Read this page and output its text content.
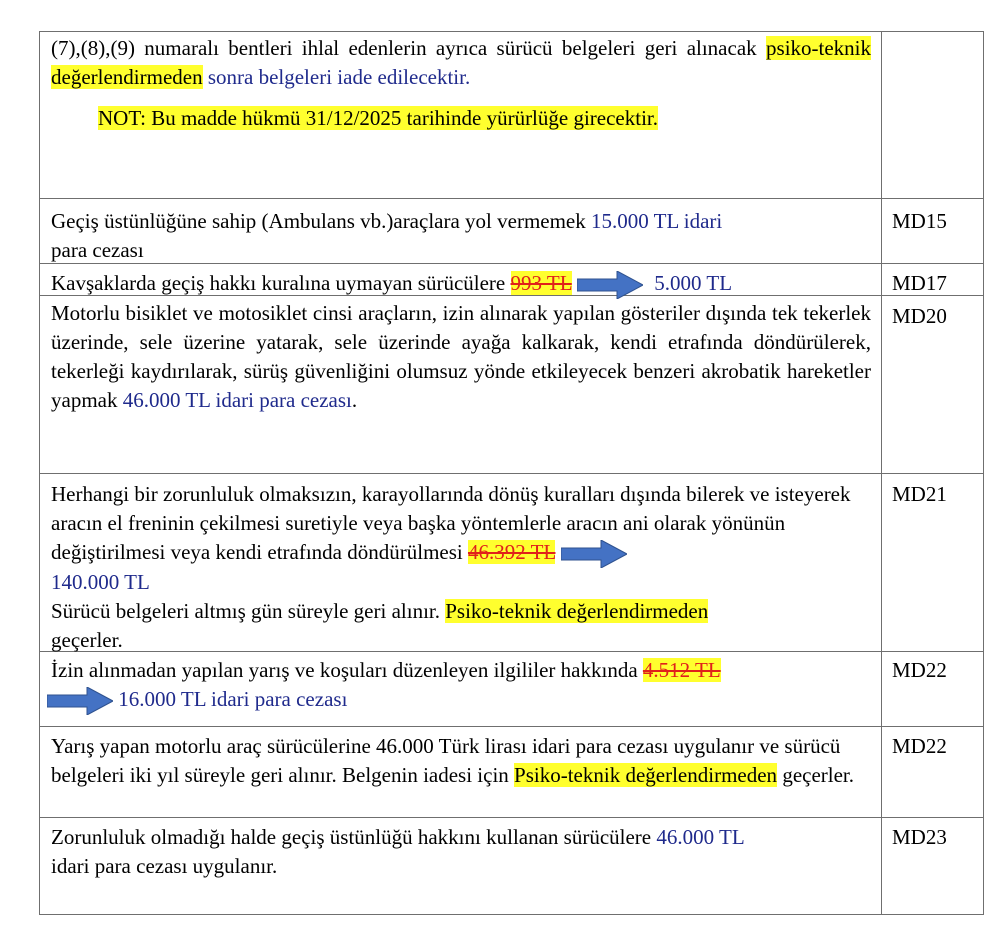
(7),(8),(9) numaralı bentleri ihlal edenlerin ayrıca sürücü belgeleri geri alınacak psiko-teknik değerlendirmeden sonra belgeleri iade edilecektir.
NOT: Bu madde hükmü 31/12/2025 tarihinde yürürlüğe girecektir.
Geçiş üstünlüğüne sahip (Ambulans vb.)araçlara yol vermemek 15.000 TL idari
para cezası
MD15
Kavşaklarda geçiş hakkı kuralına uymayan sürücülere 993 TL	5.000 TL	MD17
Motorlu bisiklet ve motosiklet cinsi araçların, izin alınarak yapılan gösteriler dışında tek tekerlek üzerinde, sele üzerine yatarak, sele üzerinde ayağa kalkarak, kendi etrafında döndürülerek, tekerleği kaydırılarak, sürüş güvenliğini olumsuz yönde etkileyecek benzeri akrobatik hareketler yapmak 46.000 TL idari para cezası.
MD20
Herhangi bir zorunluluk olmaksızın, karayollarında dönüş kuralları dışında bilerek ve isteyerek aracın el freninin çekilmesi suretiyle veya başka yöntemlerle aracın ani olarak yönünün değiştirilmesi veya kendi etrafında döndürülmesi 46.392 TL
140.000 TL
Sürücü belgeleri altmış gün süreyle geri alınır. Psiko-teknik değerlendirmeden
geçerler.
MD21
İzin alınmadan yapılan yarış ve koşuları düzenleyen ilgililer hakkında 4.512 TL
16.000 TL idari para cezası
MD22
Yarış yapan motorlu araç sürücülerine 46.000 Türk lirası idari para cezası uygulanır ve sürücü belgeleri iki yıl süreyle geri alınır. Belgenin iadesi için Psiko-teknik değerlendirmeden geçerler.
MD22
Zorunluluk olmadığı halde geçiş üstünlüğü hakkını kullanan sürücülere 46.000 TL
idari para cezası uygulanır.
MD23
